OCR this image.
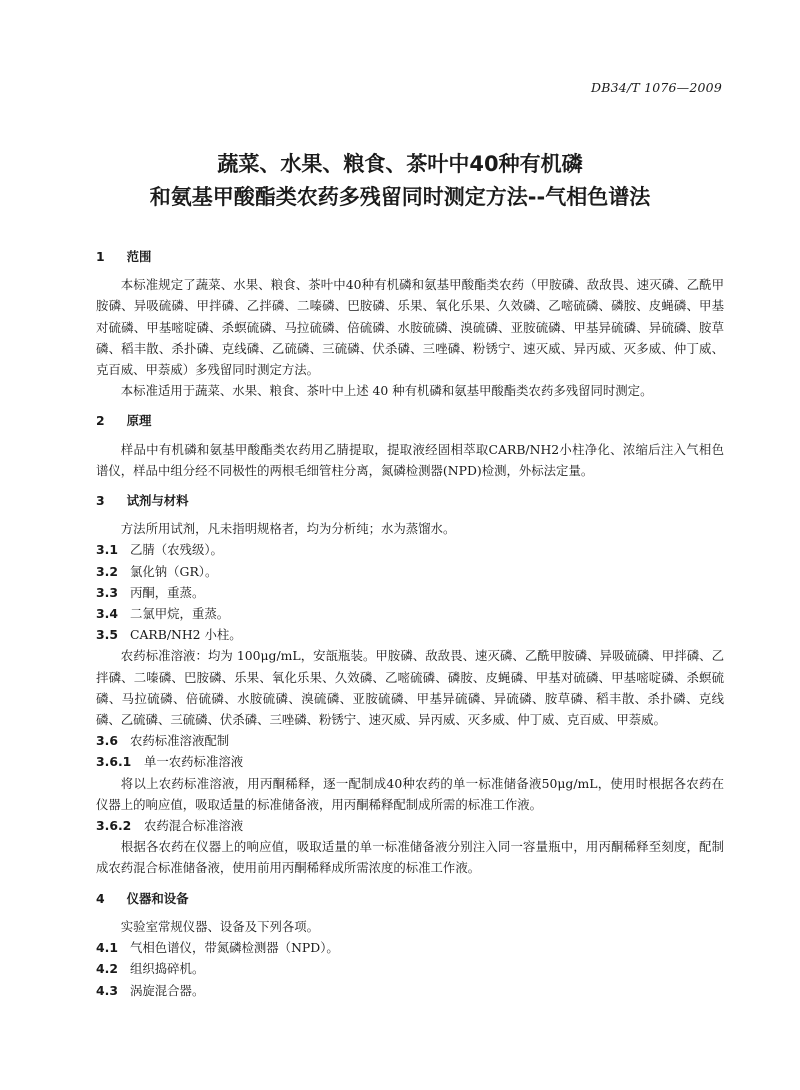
DB34/T 1076—2009
蔬菜、水果、粮食、茶叶中40种有机磷
和氨基甲酸酯类农药多残留同时测定方法--气相色谱法
1 范围

本标准规定了蔬菜、水果、粮食、茶叶中40种有机磷和氨基甲酸酯类农药（甲胺磷、敌敌畏、速灭磷、乙酰甲胺磷、异吸硫磷、甲拌磷、乙拌磷、二嗪磷、巴胺磷、乐果、氧化乐果、久效磷、乙嘧硫磷、磷胺、皮蝇磷、甲基对硫磷、甲基嘧啶磷、杀螟硫磷、马拉硫磷、倍硫磷、水胺硫磷、溴硫磷、亚胺硫磷、甲基异硫磷、异硫磷、胺草磷、稻丰散、杀扑磷、克线磷、乙硫磷、三硫磷、伏杀磷、三唑磷、粉锈宁、速灭威、异丙威、灭多威、仲丁威、克百威、甲萘威）多残留同时测定方法。

本标准适用于蔬菜、水果、粮食、茶叶中上述 40 种有机磷和氨基甲酸酯类农药多残留同时测定。

2 原理

样品中有机磷和氨基甲酸酯类农药用乙腈提取，提取液经固相萃取CARB/NH2小柱净化、浓缩后注入气相色谱仪，样品中组分经不同极性的两根毛细管柱分离，氮磷检测器(NPD)检测，外标法定量。

3 试剂与材料

方法所用试剂，凡未指明规格者，均为分析纯；水为蒸馏水。

3.1 乙腈（农残级）。

3.2 氯化钠（GR）。

3.3 丙酮，重蒸。

3.4 二氯甲烷，重蒸。

3.5 CARB/NH2 小柱。

农药标准溶液：均为 100μg/mL，安瓿瓶装。甲胺磷、敌敌畏、速灭磷、乙酰甲胺磷、异吸硫磷、甲拌磷、乙拌磷、二嗪磷、巴胺磷、乐果、氧化乐果、久效磷、乙嘧硫磷、磷胺、皮蝇磷、甲基对硫磷、甲基嘧啶磷、杀螟硫磷、马拉硫磷、倍硫磷、水胺硫磷、溴硫磷、亚胺硫磷、甲基异硫磷、异硫磷、胺草磷、稻丰散、杀扑磷、克线磷、乙硫磷、三硫磷、伏杀磷、三唑磷、粉锈宁、速灭威、异丙威、灭多威、仲丁威、克百威、甲萘威。

3.6 农药标准溶液配制

3.6.1 单一农药标准溶液

将以上农药标准溶液，用丙酮稀释，逐一配制成40种农药的单一标准储备液50μg/mL，使用时根据各农药在仪器上的响应值，吸取适量的标准储备液，用丙酮稀释配制成所需的标准工作液。

3.6.2 农药混合标准溶液

根据各农药在仪器上的响应值，吸取适量的单一标准储备液分别注入同一容量瓶中，用丙酮稀释至刻度，配制成农药混合标准储备液，使用前用丙酮稀释成所需浓度的标准工作液。

4 仪器和设备

实验室常规仪器、设备及下列各项。

4.1 气相色谱仪，带氮磷检测器（NPD）。

4.2 组织捣碎机。

4.3 涡旋混合器。
